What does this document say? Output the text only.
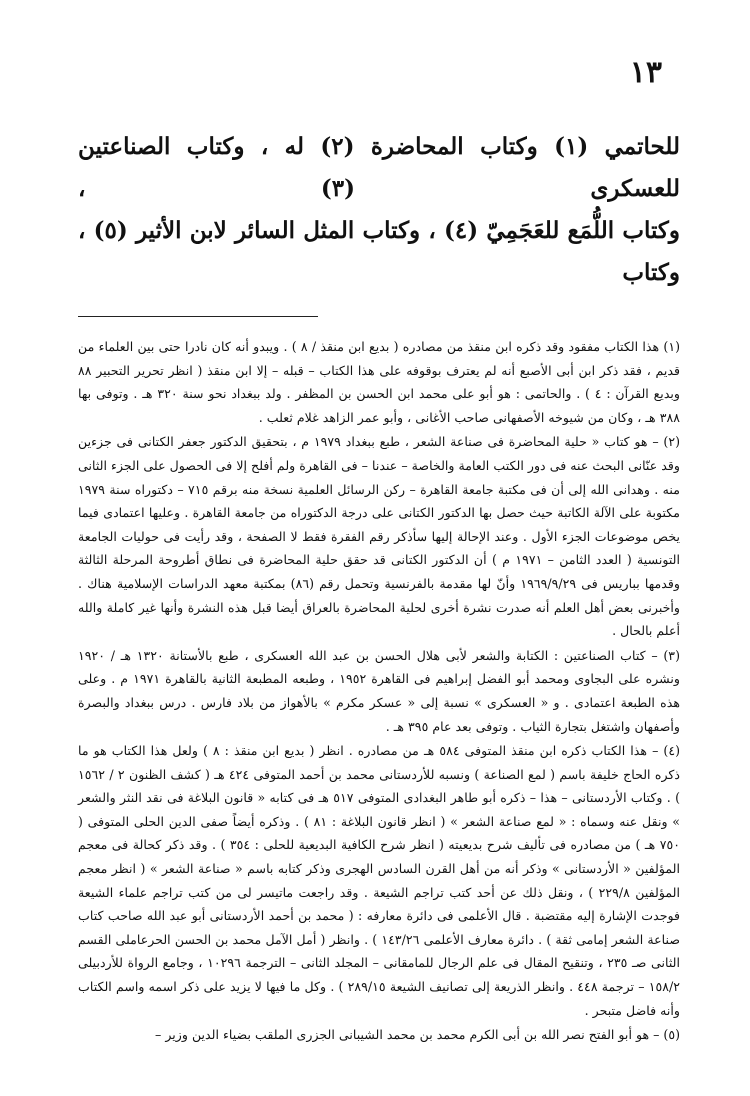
١٣

للحاتمي (١) وكتاب المحاضرة (٢) له ، وكتاب الصناعتين للعسكرى (٣) ،

وكتاب اللُّمَع للعَجَمِيّ (٤) ، وكتاب المثل السائر لابن الأثير (٥) ، وكتاب

(١) هذا الكتاب مفقود وقد ذكره ابن منقذ من مصادره ( بديع ابن منقذ / ٨ ) . ويبدو أنه كان نادرا حتى بين العلماء من قديم ، فقد ذكر ابن أبى الأصبع أنه لم يعترف بوقوفه على هذا الكتاب – قبله – إلا ابن منقذ ( انظر تحرير التحبير ٨٨ وبديع القرآن : ٤ ) . والحاتمى : هو أبو على محمد ابن الحسن بن المظفر . ولد ببغداد نحو سنة ٣٢٠ هـ . وتوفى بها ٣٨٨ هـ ، وكان من شيوخه الأصفهانى صاحب الأغانى ، وأبو عمر الزاهد غلام ثعلب .

(٢) – هو كتاب « حلية المحاضرة فى صناعة الشعر ، طبع ببغداد ١٩٧٩ م ، بتحقيق الدكتور جعفر الكتانى فى جزءين وقد عنّانى البحث عنه فى دور الكتب العامة والخاصة – عندنا – فى القاهرة ولم أفلح إلا فى الحصول على الجزء الثانى منه . وهدانى الله إلى أن فى مكتبة جامعة القاهرة – ركن الرسائل العلمية نسخة منه برقم ٧١٥ – دكتوراه سنة ١٩٧٩ مكتوبة على الآلة الكاتبة حيث حصل بها الدكتور الكتانى على درجة الدكتوراه من جامعة القاهرة . وعليها اعتمادى فيما يخص موضوعات الجزء الأول . وعند الإحالة إليها سأذكر رقم الفقرة فقط لا الصفحة ، وقد رأيت فى حوليات الجامعة التونسية ( العدد الثامن – ١٩٧١ م ) أن الدكتور الكتانى قد حقق حلية المحاضرة فى نطاق أطروحة المرحلة الثالثة وقدمها بباريس فى ١٩٦٩/٩/٢٩ وأنّ لها مقدمة بالفرنسية وتحمل رقم (٨٦) بمكتبة معهد الدراسات الإسلامية هناك . وأخبرنى بعض أهل العلم أنه صدرت نشرة أخرى لحلية المحاضرة بالعراق أيضا قبل هذه النشرة وأنها غير كاملة والله أعلم بالحال .

(٣) – كتاب الصناعتين : الكتابة والشعر لأبى هلال الحسن بن عبد الله العسكرى ، طبع بالأستانة ١٣٢٠ هـ / ١٩٢٠ ونشره على البجاوى ومحمد أبو الفضل إبراهيم فى القاهرة ١٩٥٢ ، وطبعه المطبعة الثانية بالقاهرة ١٩٧١ م . وعلى هذه الطبعة اعتمادى . و « العسكرى » نسبة إلى « عسكر مكرم » بالأهواز من بلاد فارس . درس ببغداد والبصرة وأصفهان واشتغل بتجارة الثياب . وتوفى بعد عام ٣٩٥ هـ .

(٤) – هذا الكتاب ذكره ابن منقذ المتوفى ٥٨٤ هـ من مصادره . انظر ( بديع ابن منقذ : ٨ ) ولعل هذا الكتاب هو ما ذكره الحاج خليفة باسم ( لمع الصناعة ) ونسبه للأردستانى محمد بن أحمد المتوفى ٤٢٤ هـ ( كشف الظنون ٢ / ١٥٦٢ ) . وكتاب الأردستانى – هذا – ذكره أبو طاهر البغدادى المتوفى ٥١٧ هـ فى كتابه « قانون البلاغة فى نقد النثر والشعر » ونقل عنه وسماه : « لمع صناعة الشعر » ( انظر قانون البلاغة : ٨١ ) . وذكره أيضاً صفى الدين الحلى المتوفى ( ٧٥٠ هـ ) من مصادره فى تأليف شرح بديعيته ( انظر شرح الكافية البديعية للحلى : ٣٥٤ ) . وقد ذكر كحالة فى معجم المؤلفين « الأردستانى » وذكر أنه من أهل القرن السادس الهجرى وذكر كتابه باسم « صناعة الشعر » ( انظر معجم المؤلفين ٢٢٩/٨ ) ، ونقل ذلك عن أحد كتب تراجم الشيعة . وقد راجعت ماتيسر لى من كتب تراجم علماء الشيعة فوجدت الإشارة إليه مقتضبة . قال الأعلمى فى دائرة معارفه : ( محمد بن أحمد الأردستانى أبو عبد الله صاحب كتاب صناعة الشعر إمامى ثقة ) . دائرة معارف الأعلمى ١٤٣/٢٦ ) . وانظر ( أمل الآمل محمد بن الحسن الحرعاملى القسم الثانى صـ ٢٣٥ ، وتنقيح المقال فى علم الرجال للمامقانى – المجلد الثانى – الترجمة ١٠٢٩٦ ، وجامع الرواة للأردبيلى ١٥٨/٢ – ترجمة ٤٤٨ . وانظر الذريعة إلى تصانيف الشيعة ٢٨٩/١٥ ) . وكل ما فيها لا يزيد على ذكر اسمه واسم الكتاب وأنه فاضل متبحر .

(٥) – هو أبو الفتح نصر الله بن أبى الكرم محمد بن محمد الشيبانى الجزرى الملقب بضياء الدين وزير –
